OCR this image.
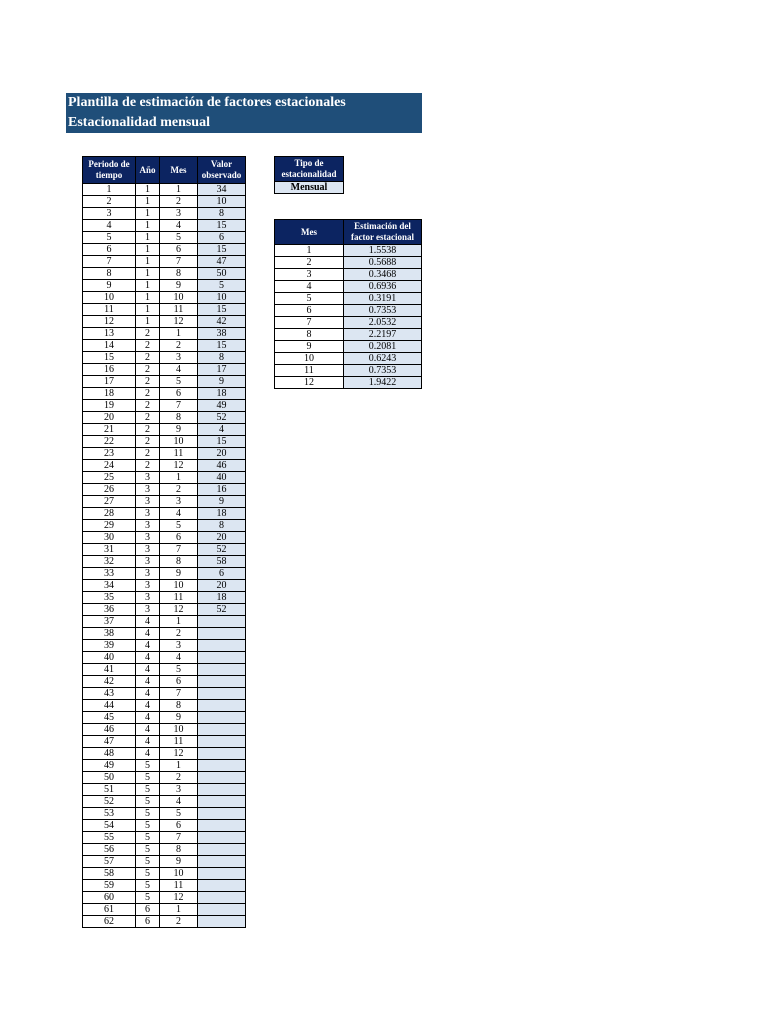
Plantilla de estimación de factores estacionales
Estacionalidad mensual
Periodo de tiempo	Año	Mes	Valor observado
1	1	1	34
2	1	2	10
3	1	3	8
4	1	4	15
5	1	5	6
6	1	6	15
7	1	7	47
8	1	8	50
9	1	9	5
10	1	10	10
11	1	11	15
12	1	12	42
13	2	1	38
14	2	2	15
15	2	3	8
16	2	4	17
17	2	5	9
18	2	6	18
19	2	7	49
20	2	8	52
21	2	9	4
22	2	10	15
23	2	11	20
24	2	12	46
25	3	1	40
26	3	2	16
27	3	3	9
28	3	4	18
29	3	5	8
30	3	6	20
31	3	7	52
32	3	8	58
33	3	9	6
34	3	10	20
35	3	11	18
36	3	12	52
37	4	1	
38	4	2	
39	4	3	
40	4	4	
41	4	5	
42	4	6	
43	4	7	
44	4	8	
45	4	9	
46	4	10	
47	4	11	
48	4	12	
49	5	1	
50	5	2	
51	5	3	
52	5	4	
53	5	5	
54	5	6	
55	5	7	
56	5	8	
57	5	9	
58	5	10	
59	5	11	
60	5	12	
61	6	1	
62	6	2	
Tipo de estacionalidad
Mensual
Mes	Estimación del factor estacional
1	1.5538
2	0.5688
3	0.3468
4	0.6936
5	0.3191
6	0.7353
7	2.0532
8	2.2197
9	0.2081
10	0.6243
11	0.7353
12	1.9422
